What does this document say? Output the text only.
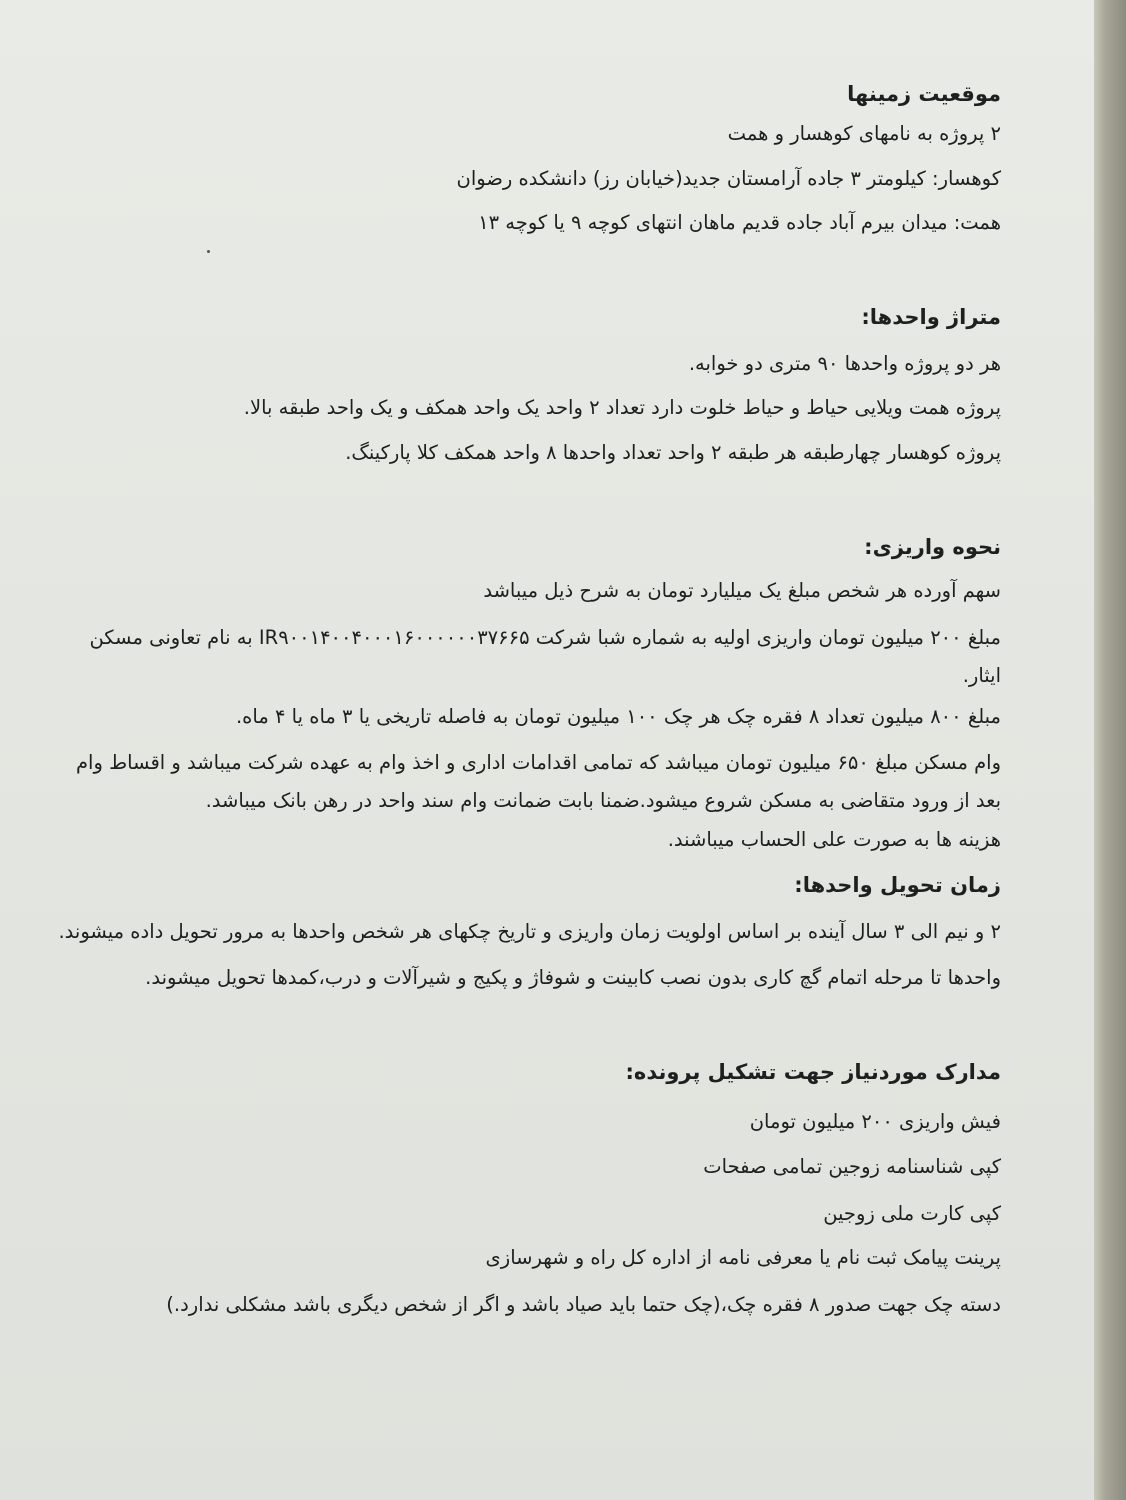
موقعیت زمینها

۲ پروژه به نامهای کوهسار و همت

کوهسار: کیلومتر ۳ جاده آرامستان جدید(خیابان رز) دانشکده رضوان

همت: میدان بیرم آباد جاده قدیم ماهان انتهای کوچه ۹ یا کوچه ۱۳

متراژ واحدها:

هر دو پروژه واحدها ۹۰ متری دو خوابه.

پروژه همت ویلایی حیاط و حیاط خلوت دارد تعداد ۲ واحد یک واحد همکف و یک واحد طبقه بالا.

پروژه کوهسار چهارطبقه هر طبقه ۲ واحد تعداد واحدها ۸ واحد همکف کلا پارکینگ.

نحوه واریزی:

سهم آورده هر شخص مبلغ یک میلیارد تومان به شرح ذیل میباشد

مبلغ ۲۰۰ میلیون تومان واریزی اولیه به شماره شبا شرکت IR۹۰۰۱۴۰۰۴۰۰۰۱۶۰۰۰۰۰۰۳۷۶۶۵ به نام تعاونی مسکن ایثار.

مبلغ ۸۰۰ میلیون تعداد ۸ فقره چک هر چک ۱۰۰ میلیون تومان به فاصله تاریخی یا ۳ ماه یا ۴ ماه.

وام مسکن مبلغ ۶۵۰ میلیون تومان میباشد که تمامی اقدامات اداری و اخذ وام به عهده شرکت میباشد و اقساط وام بعد از ورود متقاضی به مسکن شروع میشود.ضمنا بابت ضمانت وام سند واحد در رهن بانک میباشد.

هزینه ها به صورت علی الحساب میباشند.

زمان تحویل واحدها:

۲ و نیم الی ۳ سال آینده بر اساس اولویت زمان واریزی و تاریخ چکهای هر شخص واحدها به مرور تحویل داده میشوند.

واحدها تا مرحله اتمام گچ کاری بدون نصب کابینت و شوفاژ و پکیج و شیرآلات و درب،کمدها تحویل میشوند.

مدارک موردنیاز جهت تشکیل پرونده:

فیش واریزی ۲۰۰ میلیون تومان

کپی شناسنامه زوجین تمامی صفحات

کپی کارت ملی زوجین

پرینت پیامک ثبت نام یا معرفی نامه از اداره کل راه و شهرسازی

دسته چک جهت صدور ۸ فقره چک،(چک حتما باید صیاد باشد و اگر از شخص دیگری باشد مشکلی ندارد.)
